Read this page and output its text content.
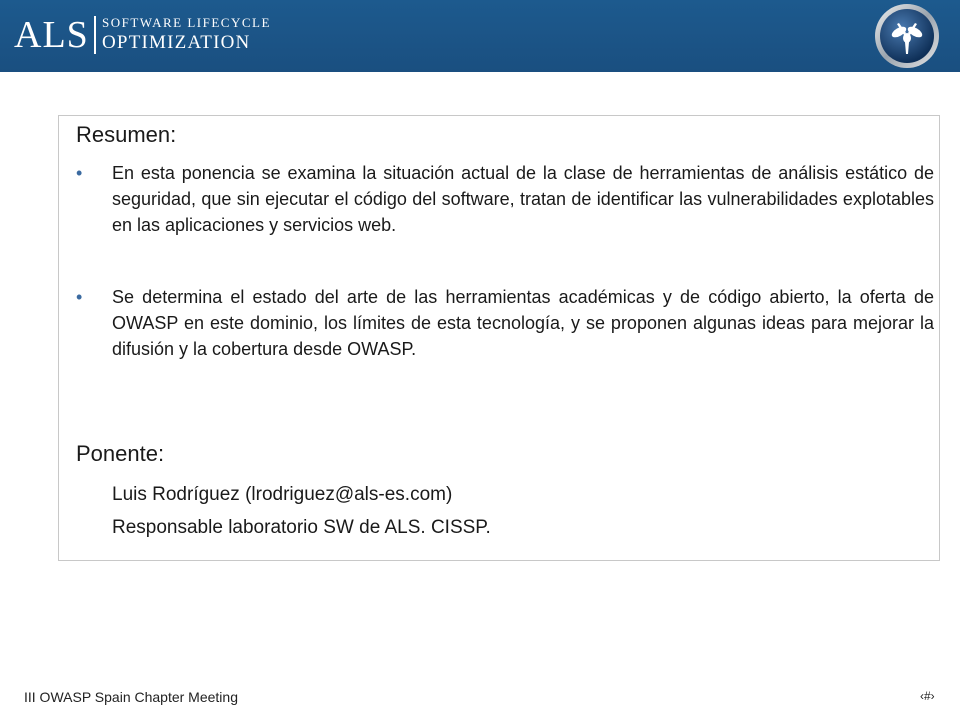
ALS SOFTWARE LIFECYCLE
OPTIMIZATION
Resumen:
• En esta ponencia se examina la situación actual de la clase de herramientas de análisis estático de seguridad, que sin ejecutar el código del software, tratan de identificar las vulnerabilidades explotables en las aplicaciones y servicios web.
• Se determina el estado del arte de las herramientas académicas y de código abierto, la oferta de OWASP en este dominio, los límites de esta tecnología, y se proponen algunas ideas para mejorar la difusión y la cobertura desde OWASP.
Ponente:
Luis Rodríguez (lrodriguez@als-es.com)
Responsable laboratorio SW de ALS. CISSP.
III OWASP Spain Chapter Meeting	‹#›
